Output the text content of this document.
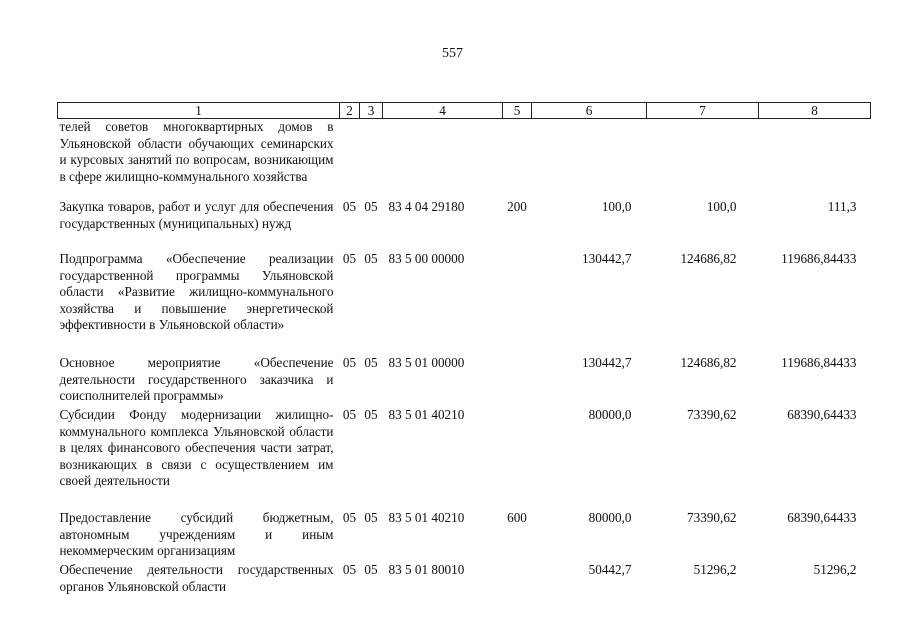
557
1	2	3	4	5	6	7	8
телей советов многоквартирных домов в Ульяновской области обучающих семинарских и курсовых занятий по вопросам, возникающим в сфере жилищно-коммунального хозяйства							
Закупка товаров, работ и услуг для обеспечения государственных (муниципальных) нужд	05	05	83 4 04 29180	200	100,0	100,0	111,3
Подпрограмма «Обеспечение реализации государственной программы Ульяновской области «Развитие жилищно-коммунального хозяйства и повышение энергетической эффективности в Ульяновской области»	05	05	83 5 00 00000		130442,7	124686,82	119686,84433
Основное мероприятие «Обеспечение деятельности государственного заказчика и соисполнителей программы»	05	05	83 5 01 00000		130442,7	124686,82	119686,84433
Субсидии Фонду модернизации жилищно-коммунального комплекса Ульяновской области в целях финансового обеспечения части затрат, возникающих в связи с осуществлением им своей деятельности	05	05	83 5 01 40210		80000,0	73390,62	68390,64433
Предоставление субсидий бюджетным, автономным учреждениям и иным некоммерческим организациям	05	05	83 5 01 40210	600	80000,0	73390,62	68390,64433
Обеспечение деятельности государственных органов Ульяновской области	05	05	83 5 01 80010		50442,7	51296,2	51296,2
